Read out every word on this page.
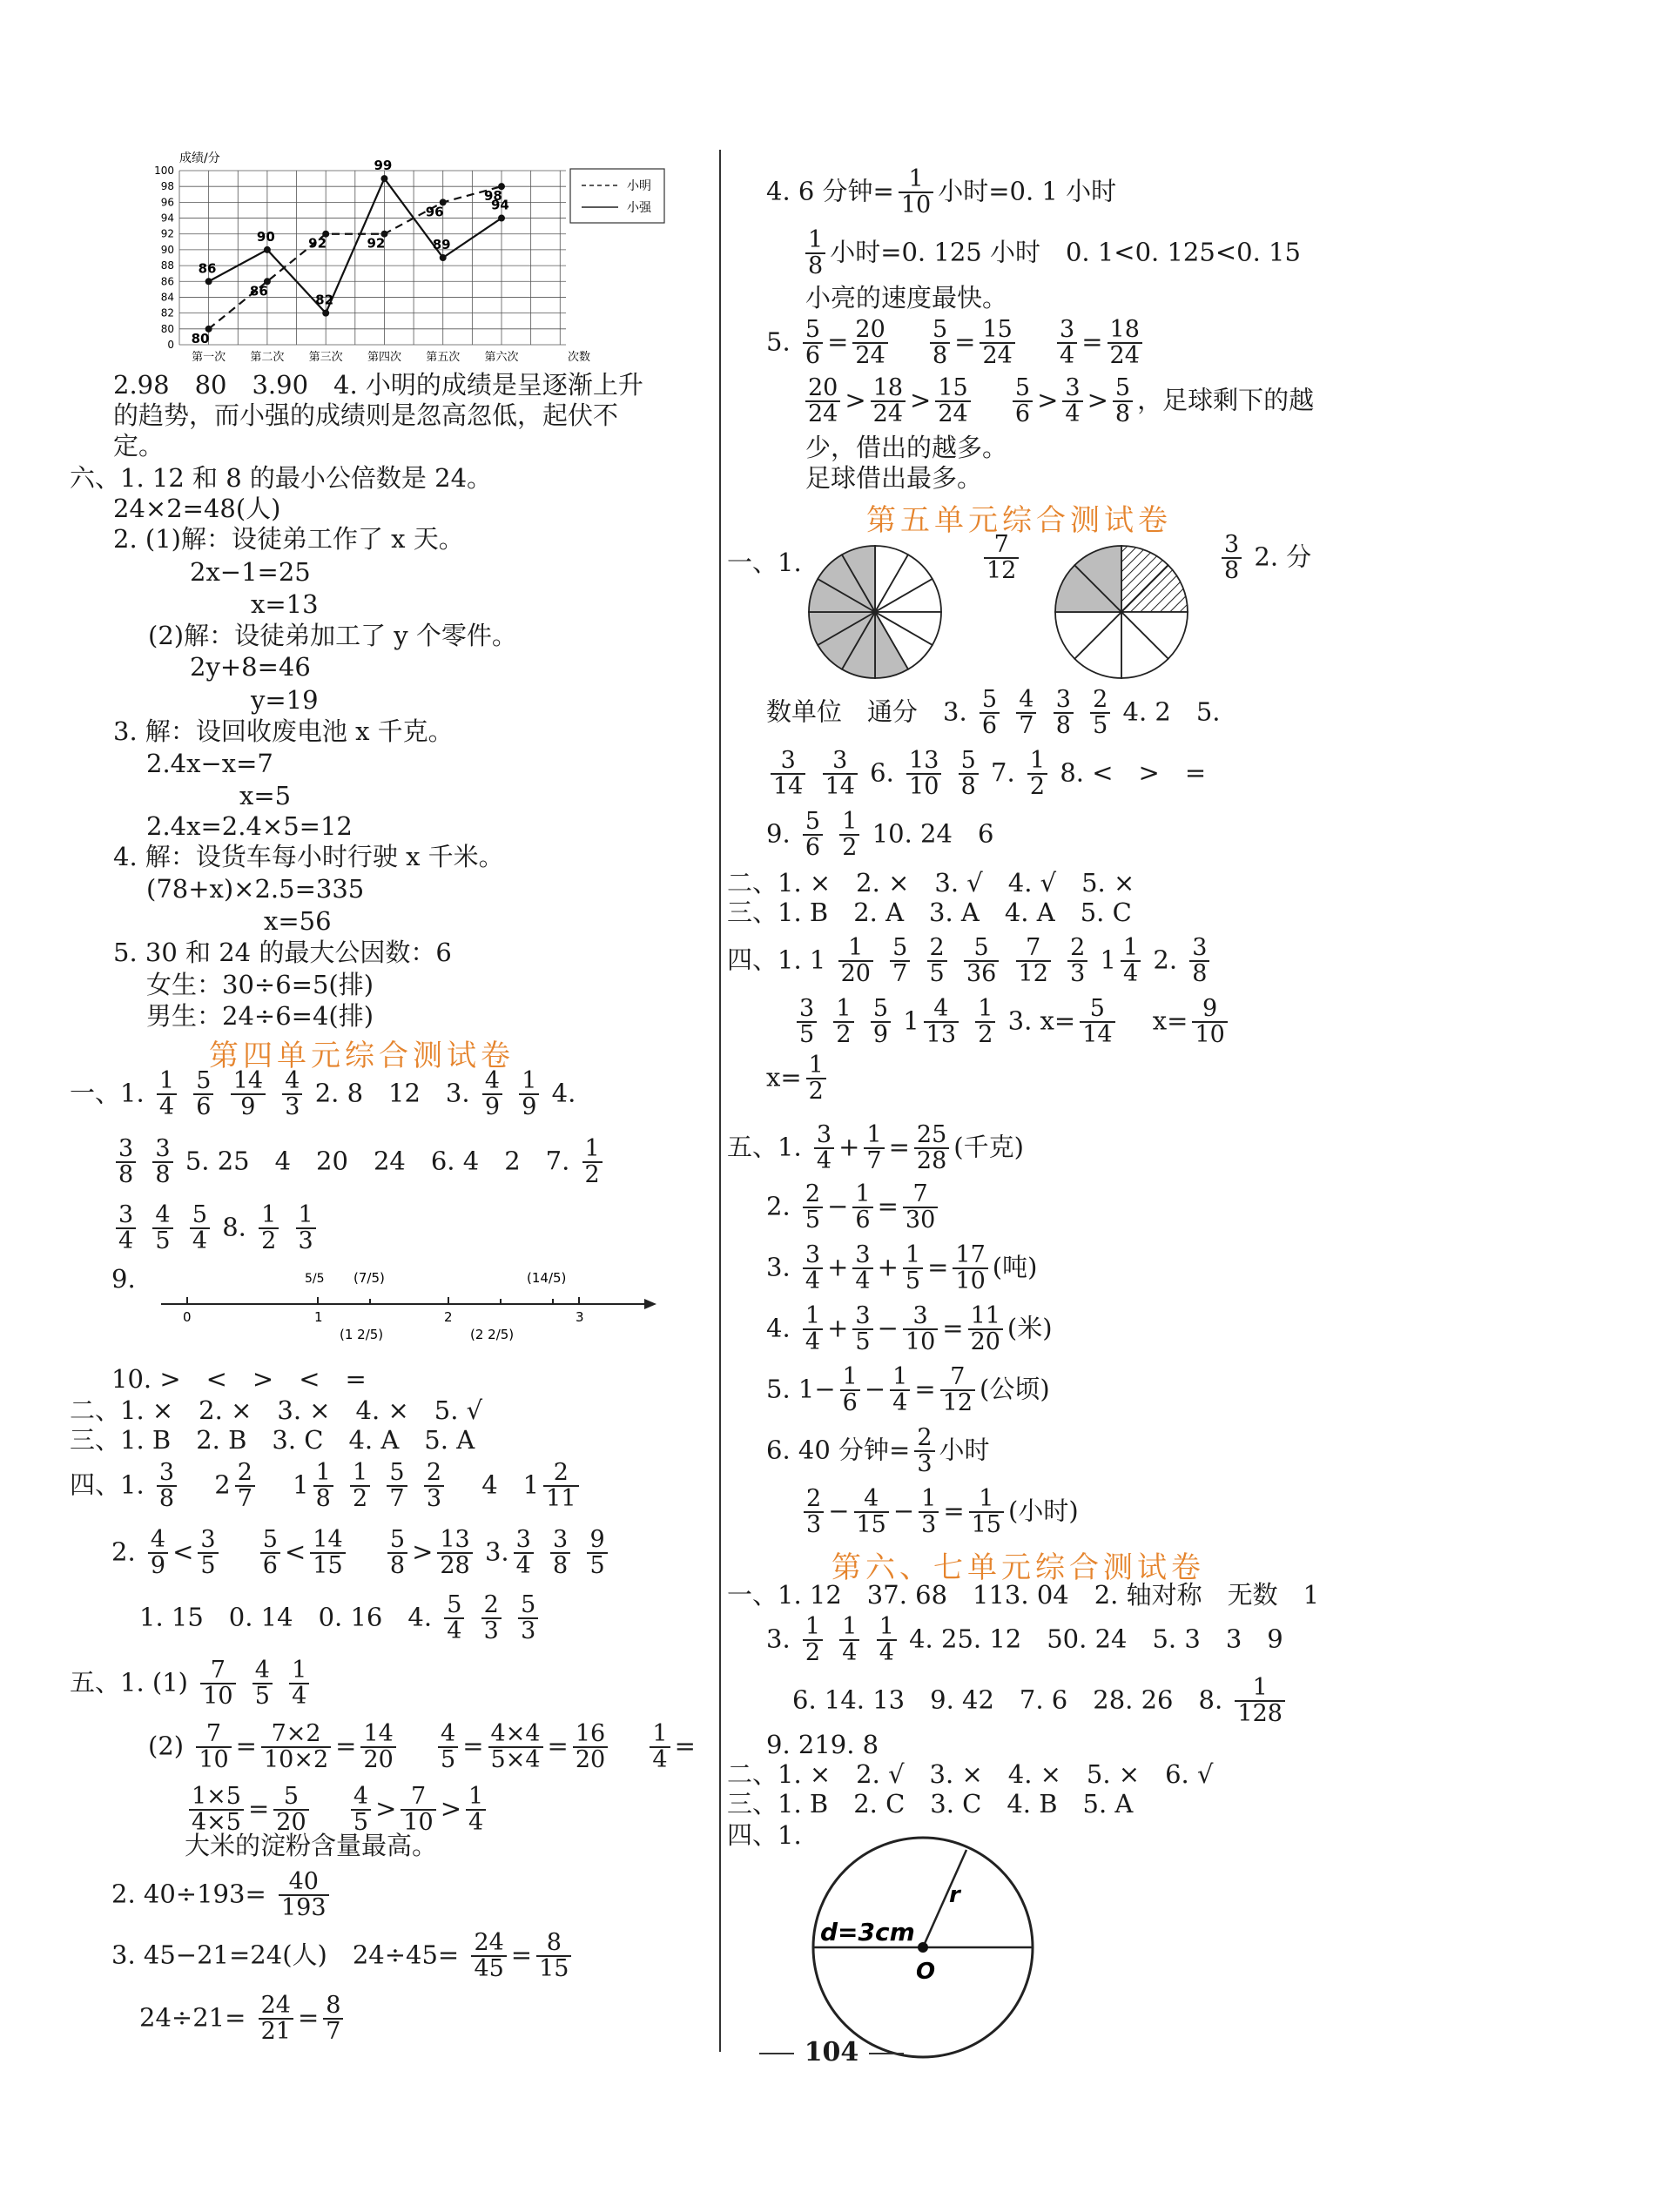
成绩/分
0
80
82
84
86
88
90
92
94
96
98
100
第一次 第二次 第三次 第四次 第五次 第六次	次数
80
86
92	92
96
98
86
90
82
99
89
94
小明
小强
2.98　80　3.90　4. 小明的成绩是呈逐渐上升
的趋势，而小强的成绩则是忽高忽低，起伏不
定。
六、1. 12 和 8 的最小公倍数是 24。
24×2=48(人)
2. (1)解：设徒弟工作了 x 天。
2x−1=25
x=13
(2)解：设徒弟加工了 y 个零件。
2y+8=46
y=19
3. 解：设回收废电池 x 千克。
2.4x−x=7
x=5
2.4x=2.4×5=12
4. 解：设货车每小时行驶 x 千米。
(78+x)×2.5=335
x=56
5. 30 和 24 的最大公因数：6
女生：30÷6=5(排)
男生：24÷6=4(排)
第四单元综合测试卷
一、1. $\frac{1}{4}$
$\frac{5}{6}$
$\frac{14}{9}$
$\frac{4}{3} 2$. 8　12　3. $\frac{4}{9}$
$\frac{1}{9} 4$.
$\frac{3}{8}$
$\frac{3}{8} 5$. 25　4　20　24　6. 4　2　7. $\frac{1}{2}$
$\frac{3}{4}$
$\frac{4}{5}$
$\frac{5}{4} 8$. $\frac{1}{2}$
$\frac{1}{3}$
9.
0	1	2	3
5/5 (7/5)	(14/5)
(1 2/5)	(2 2/5)
10. >　<　>　<　=
二、1. ×　2. ×　3. ×　4. ×　5. √
三、1. B　2. B　3. C　4. A　5. A
四、1. $\frac{3}{8}$ 　$2 \frac{2}{7}$ 　$1 \frac{1}{8}$
$\frac{1}{2}$
$\frac{5}{7}$
$\frac{2}{3}$ 　4　$1 \frac{2}{11}$
2. $\frac{4}{9} < \frac{3}{5}$
　 $\frac{5}{6} < \frac{14}{15}$
　 $\frac{5}{8} > \frac{13}{28} 3$. $\frac{3}{4}$
$\frac{3}{8}$
$\frac{9}{5}$
1. 15　0. 14　0. 16　4. $\frac{5}{4}$
$\frac{2}{3}$
$\frac{5}{3}$
五、1. $(1) \frac{7}{10}$
$\frac{4}{5}$
$\frac{1}{4}$
$(2) \frac{7}{10} = \frac{7\times 2}{10\times 2} = \frac{14}{20}$
　 $\frac{4}{5} = \frac{4\times 4}{5\times 4} = \frac{16}{20}$
　 $\frac{1}{4}$ =
$\frac{1\times 5}{4\times 5} = \frac{5}{20}$
　 $\frac{4}{5} > \frac{7}{10} > \frac{1}{4}$
大米的淀粉含量最高。
2. $40\div 193= \frac{40}{193}$
3. 45−21=24(人)　$24\div 45= \frac{24}{45} = \frac{8}{15}$
$24\div 21= \frac{24}{21} = \frac{8}{7}$
4. 6 分钟= $\frac{1}{10}$ 小时=0. 1 小时
$\frac{1}{8}$ 小时=0. 125 小时　0. 1<0. 125<0. 15
小亮的速度最快。
5. $\frac{5}{6} = \frac{20}{24}$
　 $\frac{5}{8} = \frac{15}{24}$
　 $\frac{3}{4} = \frac{18}{24}$
$\frac{20}{24} > \frac{18}{24} > \frac{15}{24}$
　 $\frac{5}{6} > \frac{3}{4} > \frac{5}{8}$ ，足球剩下的越
少，借出的越多。
足球借出最多。
第五单元综合测试卷
一、1.	$\frac{7}{12}$	$\frac{3}{8} 2$. 分
数单位　通分　3. $\frac{5}{6}$
$\frac{4}{7}$
$\frac{3}{8}$
$\frac{2}{5} 4$. 2　5.
$\frac{3}{14}$
$\frac{3}{14} 6$. $\frac{13}{10}$
$\frac{5}{8} 7$. $\frac{1}{2} 8$. <　>　=
9. $\frac{5}{6}$
$\frac{1}{2} 10$. 24　6
二、1. ×　2. ×　3. √　4. √　5. ×
三、1. B　2. A　3. A　4. A　5. C
四、1. $1 \frac{1}{20}$
$\frac{5}{7}$
$\frac{2}{5}$
$\frac{5}{36}$
$\frac{7}{12}$
$\frac{2}{3} 1 \frac{1}{4} 2$. $\frac{3}{8}$
$\frac{3}{5}$
$\frac{1}{2}$
$\frac{5}{9} 1 \frac{4}{13}$
$\frac{1}{2} 3$. $x= \frac{5}{14}$
　 $x= \frac{9}{10}$
$x= \frac{1}{2}$
五、1. $\frac{3}{4} + \frac{1}{7} = \frac{25}{28}$ (千克)
2. $\frac{2}{5} - \frac{1}{6} = \frac{7}{30}$
3. $\frac{3}{4} + \frac{3}{4} + \frac{1}{5} = \frac{17}{10}$ (吨)
4. $\frac{1}{4} + \frac{3}{5} - \frac{3}{10} = \frac{11}{20}$ (米)
5. $1- \frac{1}{6} - \frac{1}{4} = \frac{7}{12}$ (公顷)
6. 40 分钟= $\frac{2}{3}$ 小时
$\frac{2}{3} - \frac{4}{15} - \frac{1}{3} = \frac{1}{15}$ (小时)
第六、七单元综合测试卷
一、1. 12　37. 68　113. 04　2. 轴对称　无数　1
3. $\frac{1}{2}$
$\frac{1}{4}$
$\frac{1}{4} 4$. 25. 12　50. 24　5. 3　3　9
6. 14. 13　9. 42　7. 6　28. 26　8. $\frac{1}{128}$
9. 219. 8
二、1. ×　2. √　3. ×　4. ×　5. ×　6. √
三、1. B　2. C　3. C　4. B　5. A
四、1.
d=3cm
r
O
104
